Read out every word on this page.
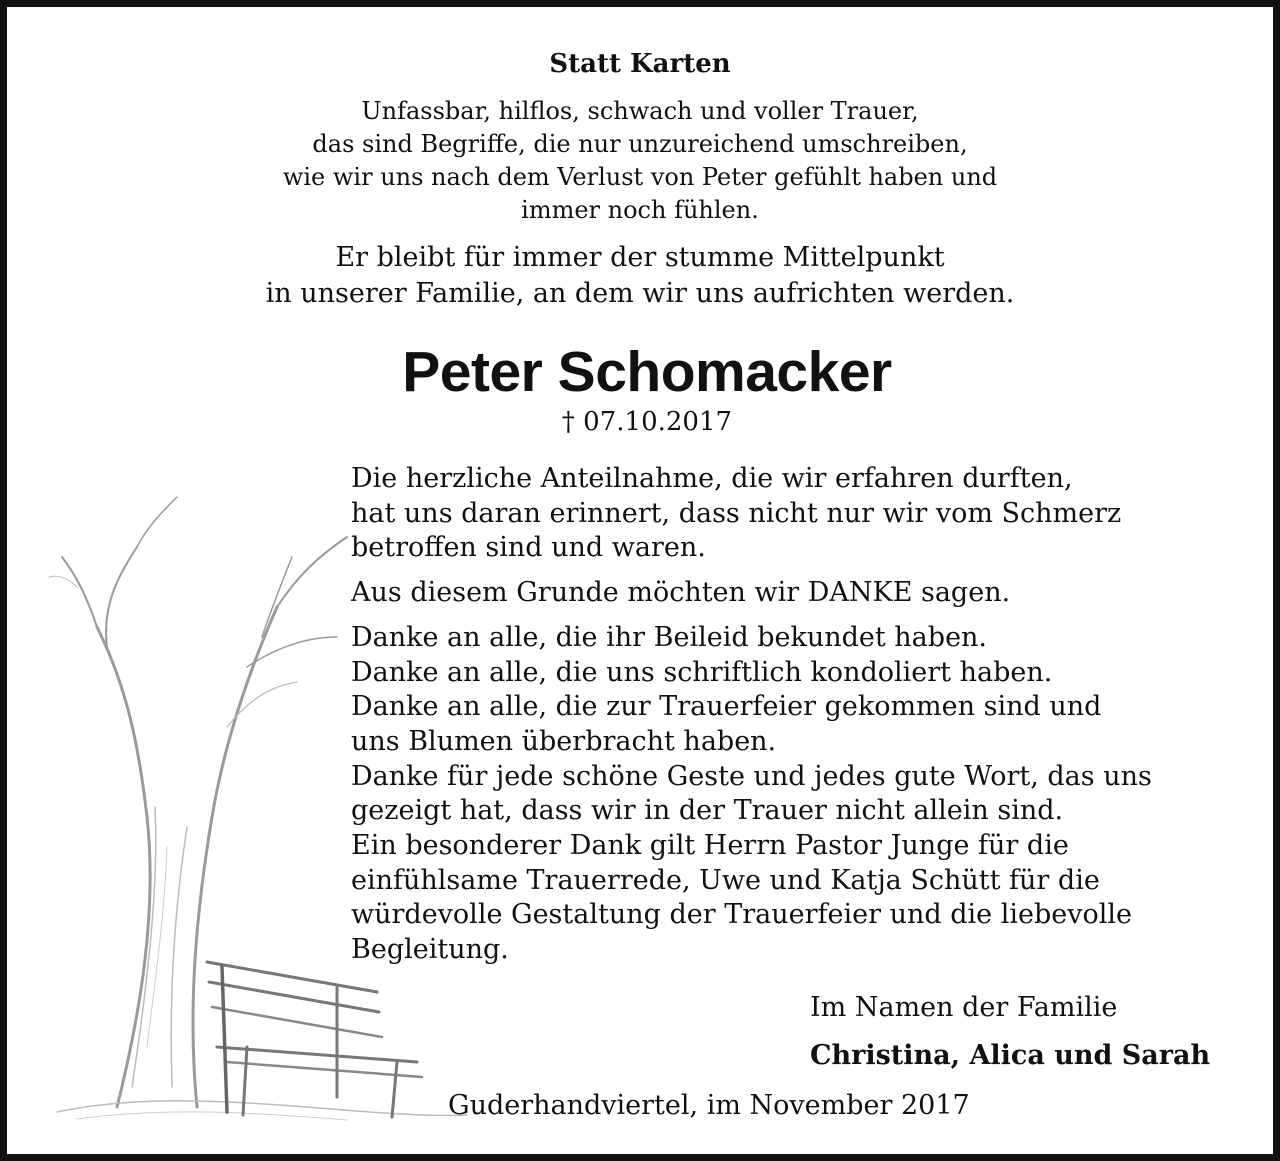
Statt Karten
Unfassbar, hilflos, schwach und voller Trauer,
das sind Begriffe, die nur unzureichend umschreiben,
wie wir uns nach dem Verlust von Peter gefühlt haben und
immer noch fühlen.
Er bleibt für immer der stumme Mittelpunkt
in unserer Familie, an dem wir uns aufrichten werden.
Peter Schomacker
† 07.10.2017
Die herzliche Anteilnahme, die wir erfahren durften,
hat uns daran erinnert, dass nicht nur wir vom Schmerz
betroffen sind und waren.
Aus diesem Grunde möchten wir DANKE sagen.
Danke an alle, die ihr Beileid bekundet haben.
Danke an alle, die uns schriftlich kondoliert haben.
Danke an alle, die zur Trauerfeier gekommen sind und
uns Blumen überbracht haben.
Danke für jede schöne Geste und jedes gute Wort, das uns
gezeigt hat, dass wir in der Trauer nicht allein sind.
Ein besonderer Dank gilt Herrn Pastor Junge für die
einfühlsame Trauerrede, Uwe und Katja Schütt für die
würdevolle Gestaltung der Trauerfeier und die liebevolle
Begleitung.
Im Namen der Familie
Christina, Alica und Sarah
Guderhandviertel, im November 2017
